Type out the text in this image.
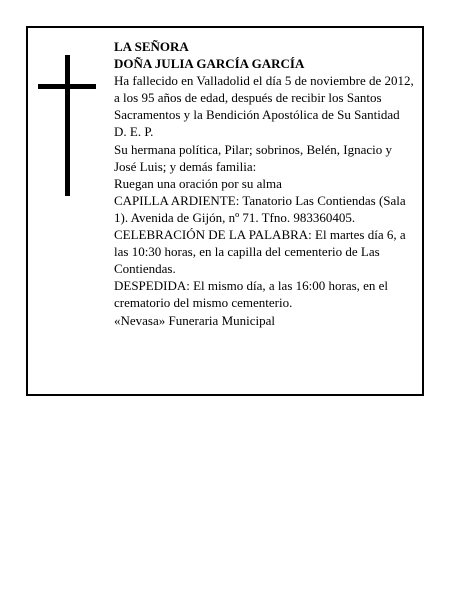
LA SEÑORA
DOÑA JULIA GARCÍA GARCÍA
Ha fallecido en Valladolid el día 5 de noviembre de 2012, a los 95 años de edad, después de recibir los Santos Sacramentos y la Bendición Apostólica de Su Santidad
D. E. P.
Su hermana política, Pilar; sobrinos, Belén, Ignacio y José Luis; y demás familia:
Ruegan una oración por su alma
CAPILLA ARDIENTE: Tanatorio Las Contiendas (Sala 1). Avenida de Gijón, nº 71. Tfno. 983360405.
CELEBRACIÓN DE LA PALABRA: El martes día 6, a las 10:30 horas, en la capilla del cementerio de Las Contiendas.
DESPEDIDA: El mismo día, a las 16:00 horas, en el crematorio del mismo cementerio.
«Nevasa» Funeraria Municipal
